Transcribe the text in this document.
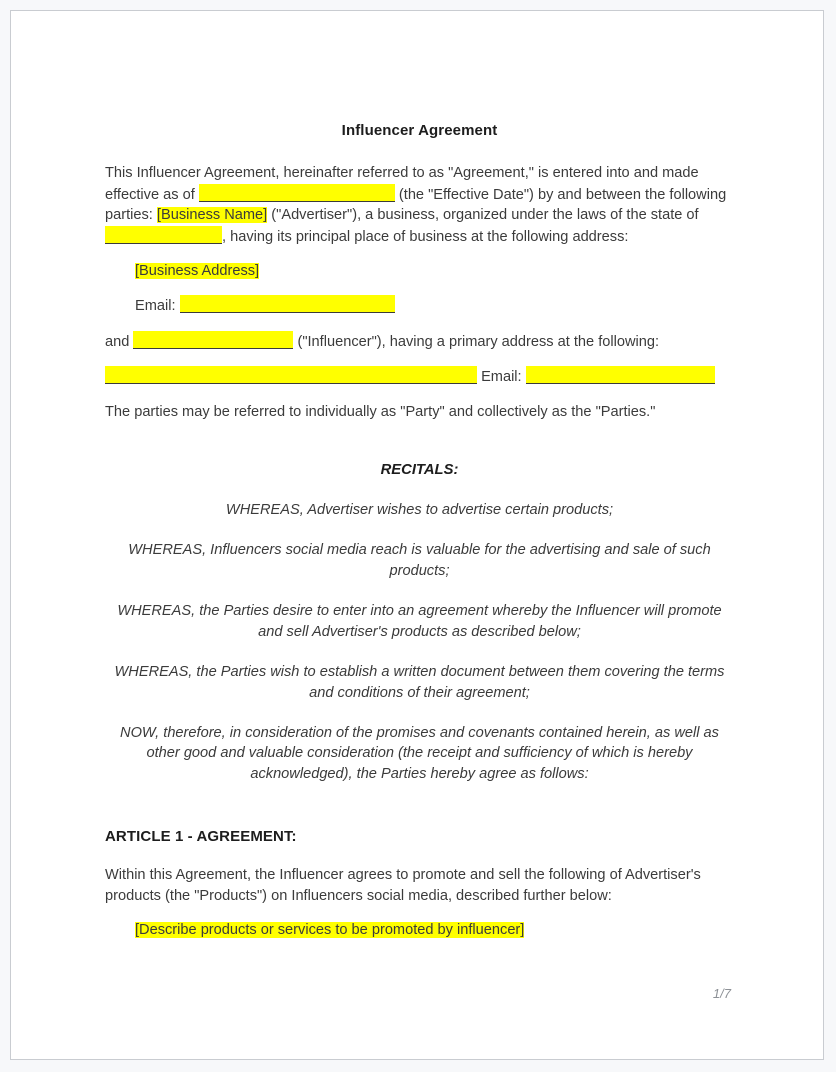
Influencer Agreement

This Influencer Agreement, hereinafter referred to as "Agreement," is entered into and made effective as of	(the "Effective Date") by and between the following parties: [Business Name] ("Advertiser"), a business, organized under the laws of the state of , having its principal place of business at the following address:

[Business Address]

Email:

and	("Influencer"), having a primary address at the following:

Email:

The parties may be referred to individually as "Party" and collectively as the "Parties."

RECITALS:

WHEREAS, Advertiser wishes to advertise certain products;

WHEREAS, Influencers social media reach is valuable for the advertising and sale of such products;

WHEREAS, the Parties desire to enter into an agreement whereby the Influencer will promote and sell Advertiser's products as described below;

WHEREAS, the Parties wish to establish a written document between them covering the terms and conditions of their agreement;

NOW, therefore, in consideration of the promises and covenants contained herein, as well as other good and valuable consideration (the receipt and sufficiency of which is hereby acknowledged), the Parties hereby agree as follows:

ARTICLE 1 - AGREEMENT:

Within this Agreement, the Influencer agrees to promote and sell the following of Advertiser's products (the "Products") on Influencers social media, described further below:

[Describe products or services to be promoted by influencer]

1/7
